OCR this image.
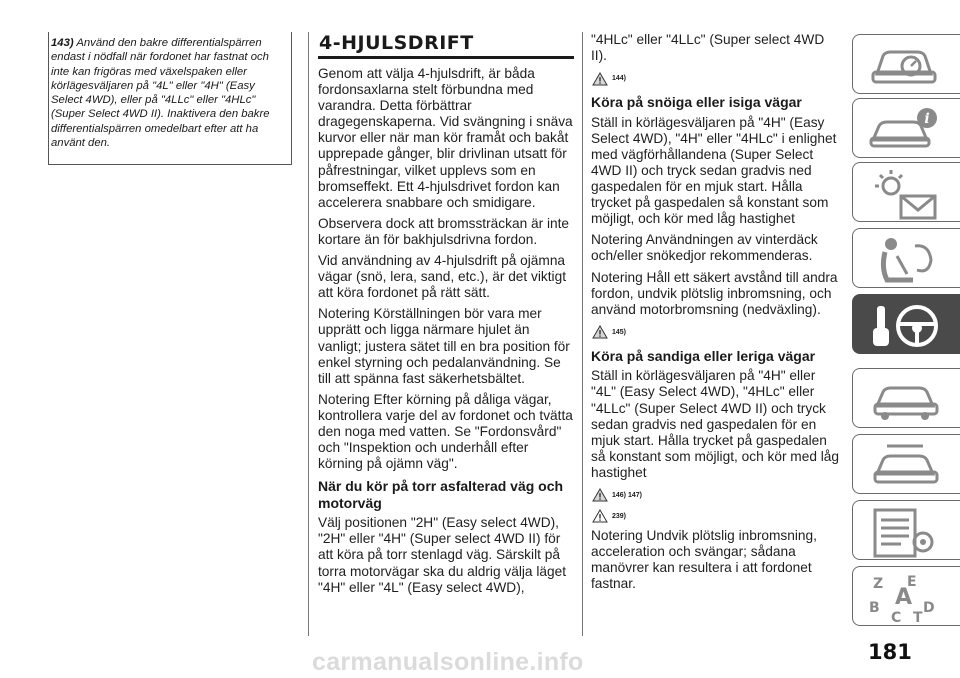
143) Använd den bakre differentialspärren endast i nödfall när fordonet har fastnat och inte kan frigöras med växelspaken eller körlägesväljaren på "4L" eller "4H" (Easy Select 4WD), eller på "4LLc" eller "4HLc" (Super Select 4WD II). Inaktivera den bakre differentialspärren omedelbart efter att ha använt den.
4-HJULSDRIFT

Genom att välja 4-hjulsdrift, är båda fordonsaxlarna stelt förbundna med varandra. Detta förbättrar dragegenskaperna. Vid svängning i snäva kurvor eller när man kör framåt och bakåt upprepade gånger, blir drivlinan utsatt för påfrestningar, vilket upplevs som en bromseffekt. Ett 4-hjulsdrivet fordon kan accelerera snabbare och smidigare.

Observera dock att bromssträckan är inte kortare än för bakhjulsdrivna fordon.

Vid användning av 4-hjulsdrift på ojämna vägar (snö, lera, sand, etc.), är det viktigt att köra fordonet på rätt sätt.

Notering Körställningen bör vara mer upprätt och ligga närmare hjulet än vanligt; justera sätet till en bra position för enkel styrning och pedalanvändning. Se till att spänna fast säkerhetsbältet.

Notering Efter körning på dåliga vägar, kontrollera varje del av fordonet och tvätta den noga med vatten. Se "Fordonsvård" och "Inspektion och underhåll efter körning på ojämn väg".

När du kör på torr asfalterad väg och motorväg

Välj positionen "2H" (Easy select 4WD), "2H" eller "4H" (Super select 4WD II) för att köra på torr stenlagd väg. Särskilt på torra motorvägar ska du aldrig välja läget "4H" eller "4L" (Easy select 4WD),

"4HLc" eller "4LLc" (Super select 4WD II).

144)
Köra på snöiga eller isiga vägar

Ställ in körlägesväljaren på "4H" (Easy Select 4WD), "4H" eller "4HLc" i enlighet med vägförhållandena (Super Select 4WD II) och tryck sedan gradvis ned gaspedalen för en mjuk start. Hålla trycket på gaspedalen så konstant som möjligt, och kör med låg hastighet

Notering Användningen av vinterdäck och/eller snökedjor rekommenderas.

Notering Håll ett säkert avstånd till andra fordon, undvik plötslig inbromsning, och använd motorbromsning (nedväxling).

145)
Köra på sandiga eller leriga vägar

Ställ in körlägesväljaren på "4H" eller "4L" (Easy Select 4WD), "4HLc" eller "4LLc" (Super Select 4WD II) och tryck sedan gradvis ned gaspedalen för en mjuk start. Hålla trycket på gaspedalen så konstant som möjligt, och kör med låg hastighet

146) 147)
239)

Notering Undvik plötslig inbromsning, acceleration och svängar; sådana manövrer kan resultera i att fordonet fastnar.

i
Z E
B
C T
D
A
181
carmanualsonline.info
